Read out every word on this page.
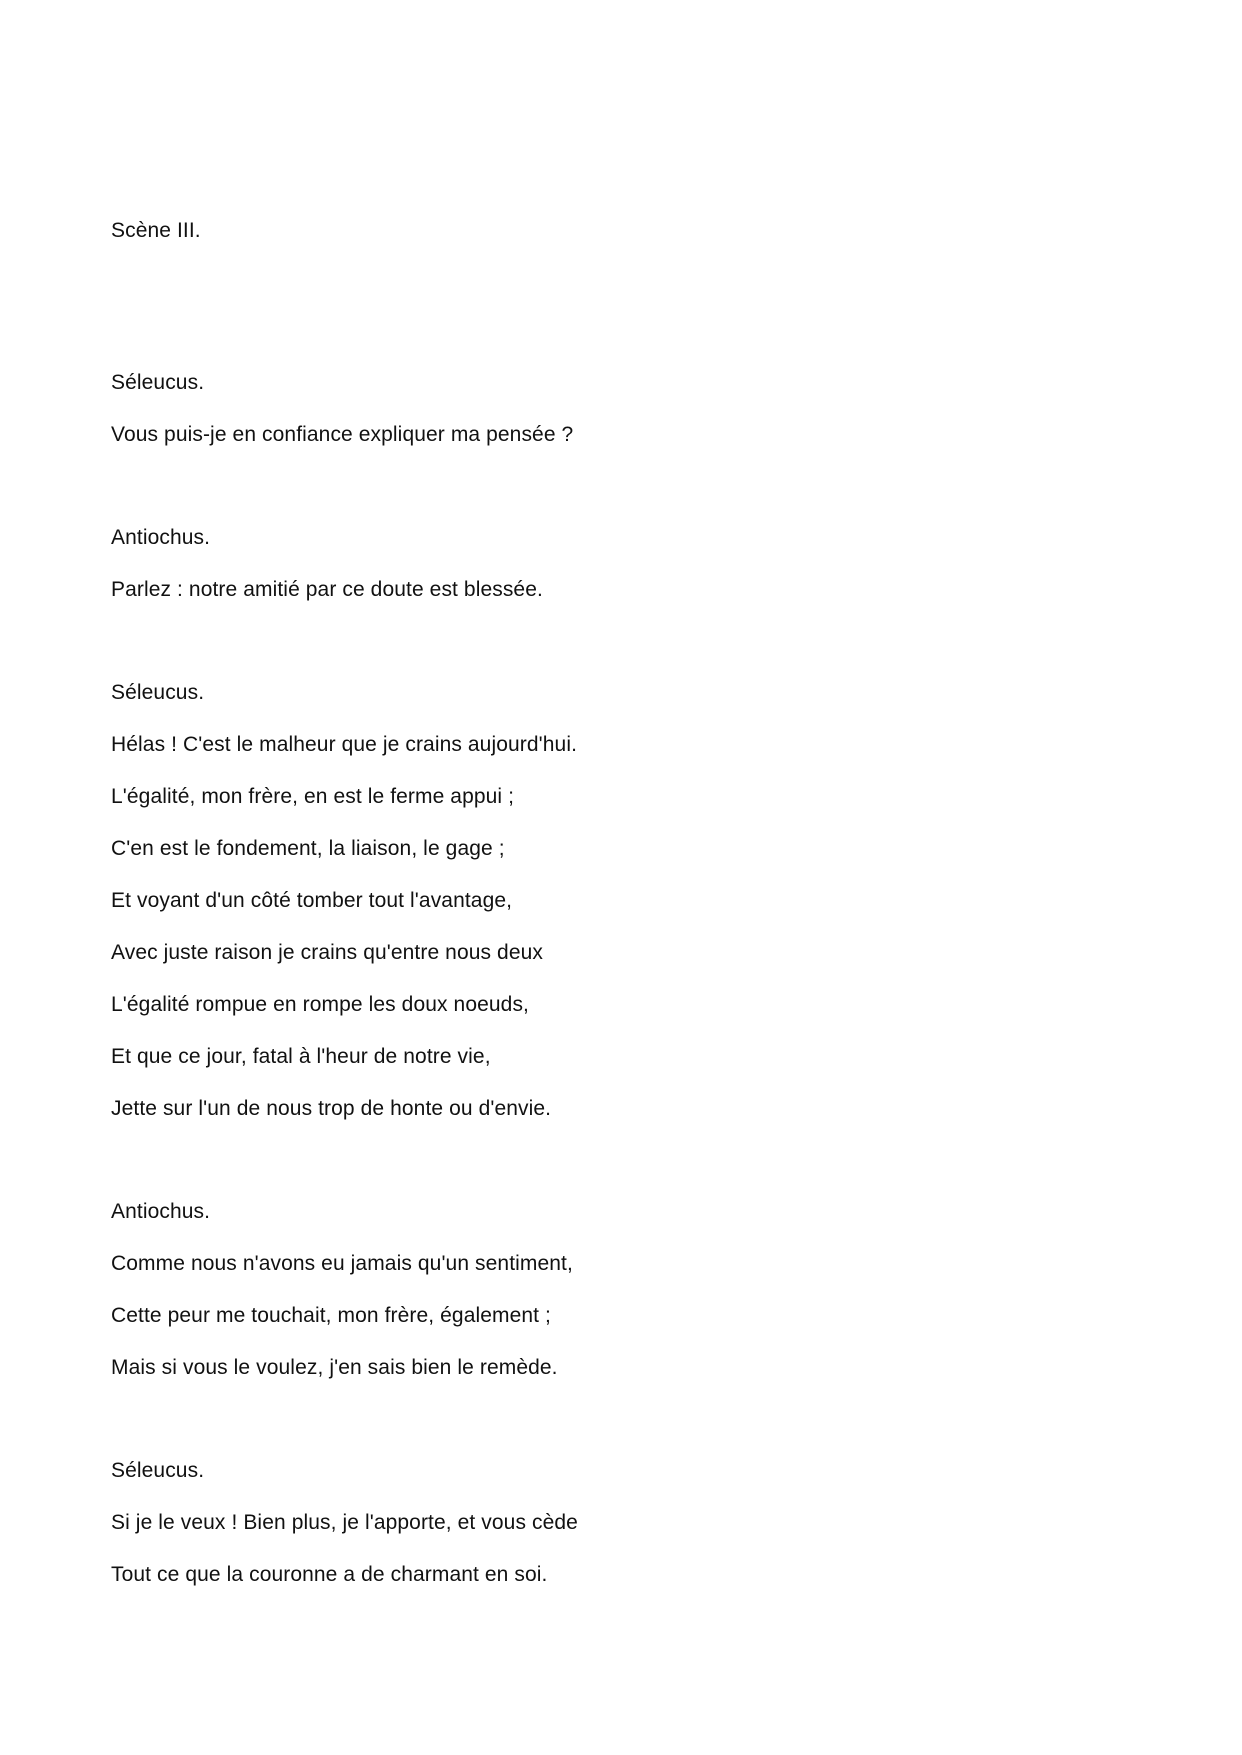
Scène III.
Séleucus.
Vous puis-je en confiance expliquer ma pensée ?
Antiochus.
Parlez : notre amitié par ce doute est blessée.
Séleucus.
Hélas ! C'est le malheur que je crains aujourd'hui.
L'égalité, mon frère, en est le ferme appui ;
C'en est le fondement, la liaison, le gage ;
Et voyant d'un côté tomber tout l'avantage,
Avec juste raison je crains qu'entre nous deux
L'égalité rompue en rompe les doux noeuds,
Et que ce jour, fatal à l'heur de notre vie,
Jette sur l'un de nous trop de honte ou d'envie.
Antiochus.
Comme nous n'avons eu jamais qu'un sentiment,
Cette peur me touchait, mon frère, également ;
Mais si vous le voulez, j'en sais bien le remède.
Séleucus.
Si je le veux ! Bien plus, je l'apporte, et vous cède
Tout ce que la couronne a de charmant en soi.
